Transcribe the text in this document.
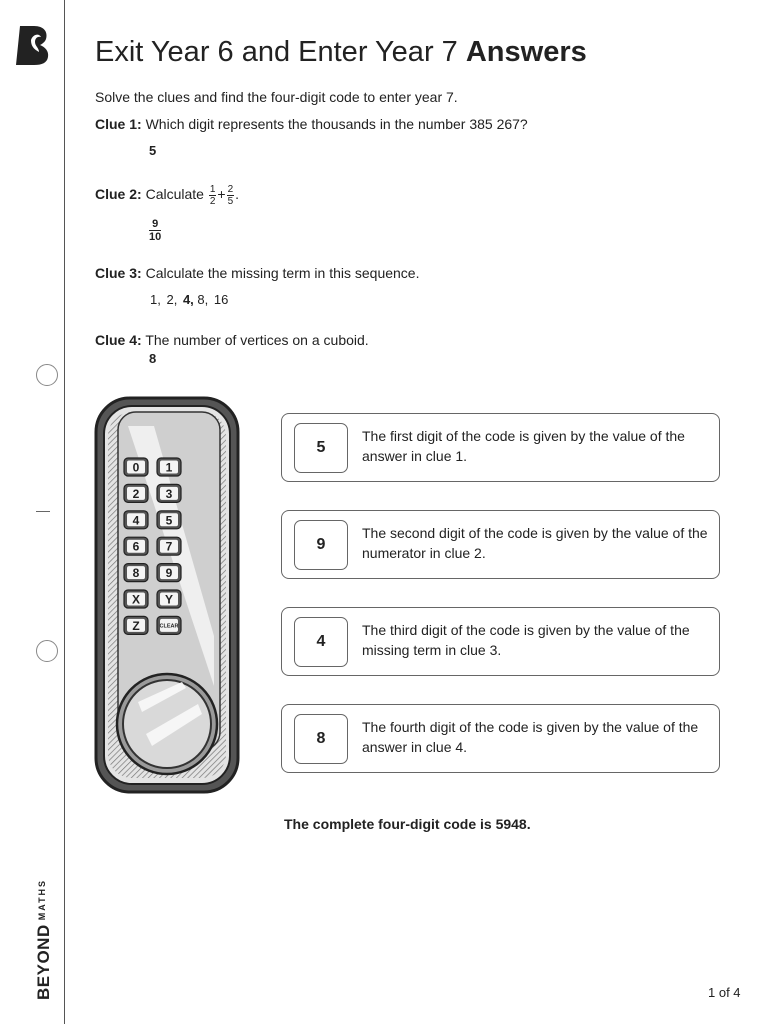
$BEYOND^{MATHS}$
Exit Year 6 and Enter Year 7 Answers
Solve the clues and find the four-digit code to enter year 7.
Clue 1: Which digit represents the thousands in the number 385 267?
5
Clue 2: Calculate $\frac{1}{2} + \frac{2}{5}$ .
$\frac{9}{10}$
Clue 3: Calculate the missing term in this sequence.
1, 2, 4, 8, 16
Clue 4: The number of vertices on a cuboid.
8
0 1
2 3
4 5
6 7
8 9
X Y
Z	CLEAR
5
The first digit of the code is given by the value of the answer in clue 1.
9
The second digit of the code is given by the value of the numerator in clue 2.
4
The third digit of the code is given by the value of the missing term in clue 3.
8
The fourth digit of the code is given by the value of the answer in clue 4.
The complete four-digit code is 5948.
1 of 4
